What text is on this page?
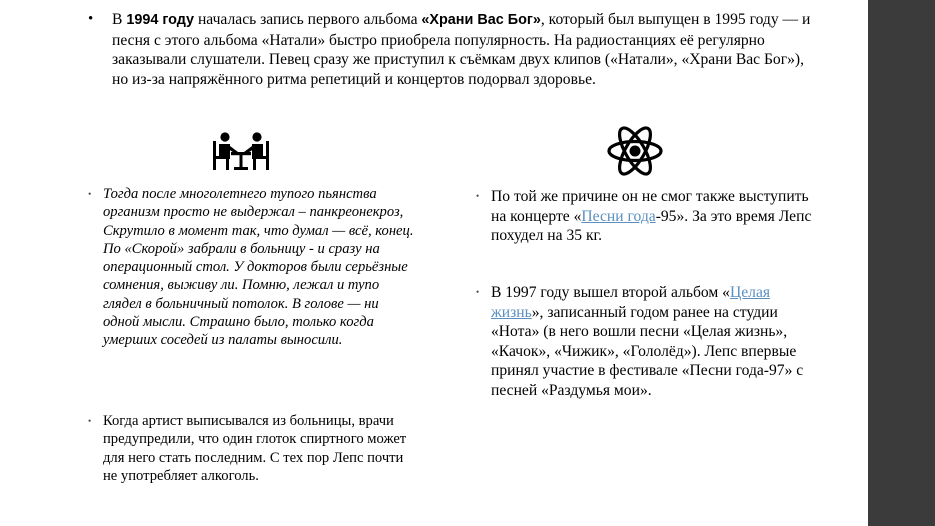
•	В 1994 году началась запись первого альбома «Храни Вас Бог», который был выпущен в 1995 году — и песня с этого альбома «Натали» быстро приобрела популярность. На радиостанциях её регулярно заказывали слушатели. Певец сразу же приступил к съёмкам двух клипов («Натали», «Храни Вас Бог»), но из-за напряжённого ритма репетиций и концертов подорвал здоровье.

• Тогда после многолетнего тупого пьянства организм просто не выдержал – панкреонекроз, Скрутило в момент так, что думал — всё, конец. По «Скорой» забрали в больницу - и сразу на операционный стол. У докторов были серьёзные сомнения, выживу ли. Помню, лежал и тупо глядел в больничный потолок. В голове — ни одной мысли. Страшно было, только когда умерших соседей из палаты выносили.

• Когда артист выписывался из больницы, врачи предупредили, что один глоток спиртного может для него стать последним. С тех пор Лепс почти не употребляет алкоголь.

• По той же причине он не смог также выступить на концерте «Песни года-95». За это время Лепс похудел на 35 кг.

• В 1997 году вышел второй альбом «Целая жизнь», записанный годом ранее на студии «Нота» (в него вошли песни «Целая жизнь», «Качок», «Чижик», «Гололёд»). Лепс впервые принял участие в фестивале «Песни года-97» с песней «Раздумья мои».
